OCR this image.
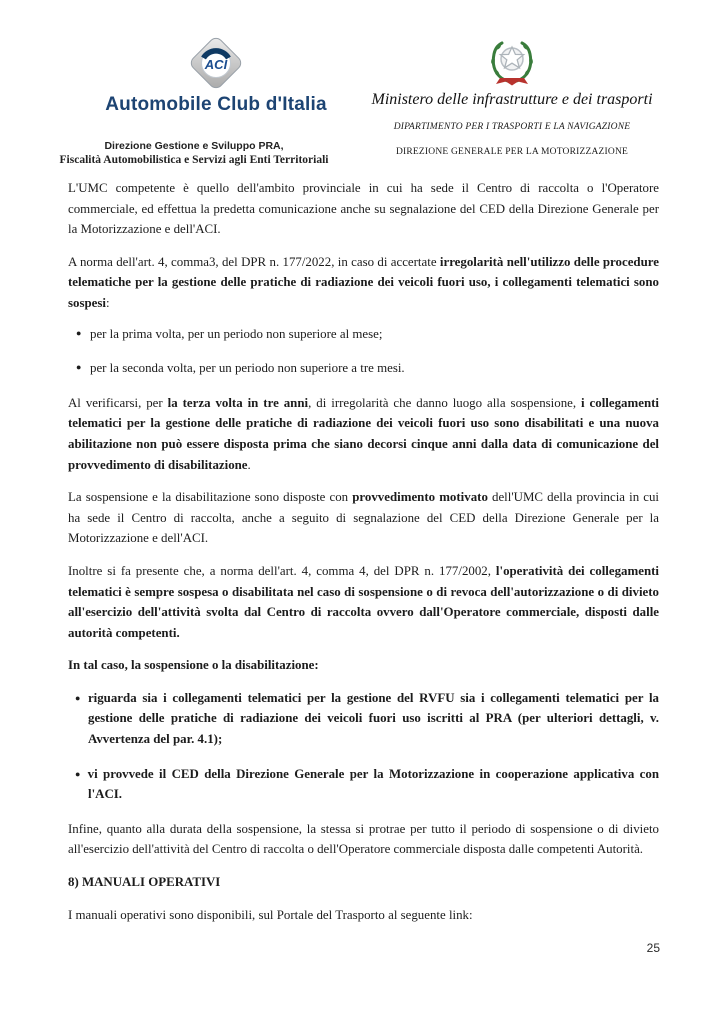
ACI
Automobile Club d'Italia
Direzione Gestione e Sviluppo PRA,
Fiscalità Automobilistica e Servizi agli Enti Territoriali
Ministero delle infrastrutture e dei trasporti
DIPARTIMENTO PER I TRASPORTI E LA NAVIGAZIONE
DIREZIONE GENERALE PER LA MOTORIZZAZIONE

L'UMC competente è quello dell'ambito provinciale in cui ha sede il Centro di raccolta o l'Operatore commerciale, ed effettua la predetta comunicazione anche su segnalazione del CED della Direzione Generale per la Motorizzazione e dell'ACI.

A norma dell'art. 4, comma3, del DPR n. 177/2022, in caso di accertate irregolarità nell'utilizzo delle procedure telematiche per la gestione delle pratiche di radiazione dei veicoli fuori uso, i collegamenti telematici sono sospesi:

● per la prima volta, per un periodo non superiore al mese;
● per la seconda volta, per un periodo non superiore a tre mesi.

Al verificarsi, per la terza volta in tre anni, di irregolarità che danno luogo alla sospensione, i collegamenti telematici per la gestione delle pratiche di radiazione dei veicoli fuori uso sono disabilitati e una nuova abilitazione non può essere disposta prima che siano decorsi cinque anni dalla data di comunicazione del provvedimento di disabilitazione.

La sospensione e la disabilitazione sono disposte con provvedimento motivato dell'UMC della provincia in cui ha sede il Centro di raccolta, anche a seguito di segnalazione del CED della Direzione Generale per la Motorizzazione e dell'ACI.

Inoltre si fa presente che, a norma dell'art. 4, comma 4, del DPR n. 177/2002, l'operatività dei collegamenti telematici è sempre sospesa o disabilitata nel caso di sospensione o di revoca dell'autorizzazione o di divieto all'esercizio dell'attività svolta dal Centro di raccolta ovvero dall'Operatore commerciale, disposti dalle autorità competenti.

In tal caso, la sospensione o la disabilitazione:

● riguarda sia i collegamenti telematici per la gestione del RVFU sia i collegamenti telematici per la gestione delle pratiche di radiazione dei veicoli fuori uso iscritti al PRA (per ulteriori dettagli, v. Avvertenza del par. 4.1);
● vi provvede il CED della Direzione Generale per la Motorizzazione in cooperazione applicativa con l'ACI.

Infine, quanto alla durata della sospensione, la stessa si protrae per tutto il periodo di sospensione o di divieto all'esercizio dell'attività del Centro di raccolta o dell'Operatore commerciale disposta dalle competenti Autorità.

8) MANUALI OPERATIVI

I manuali operativi sono disponibili, sul Portale del Trasporto al seguente link:

25
